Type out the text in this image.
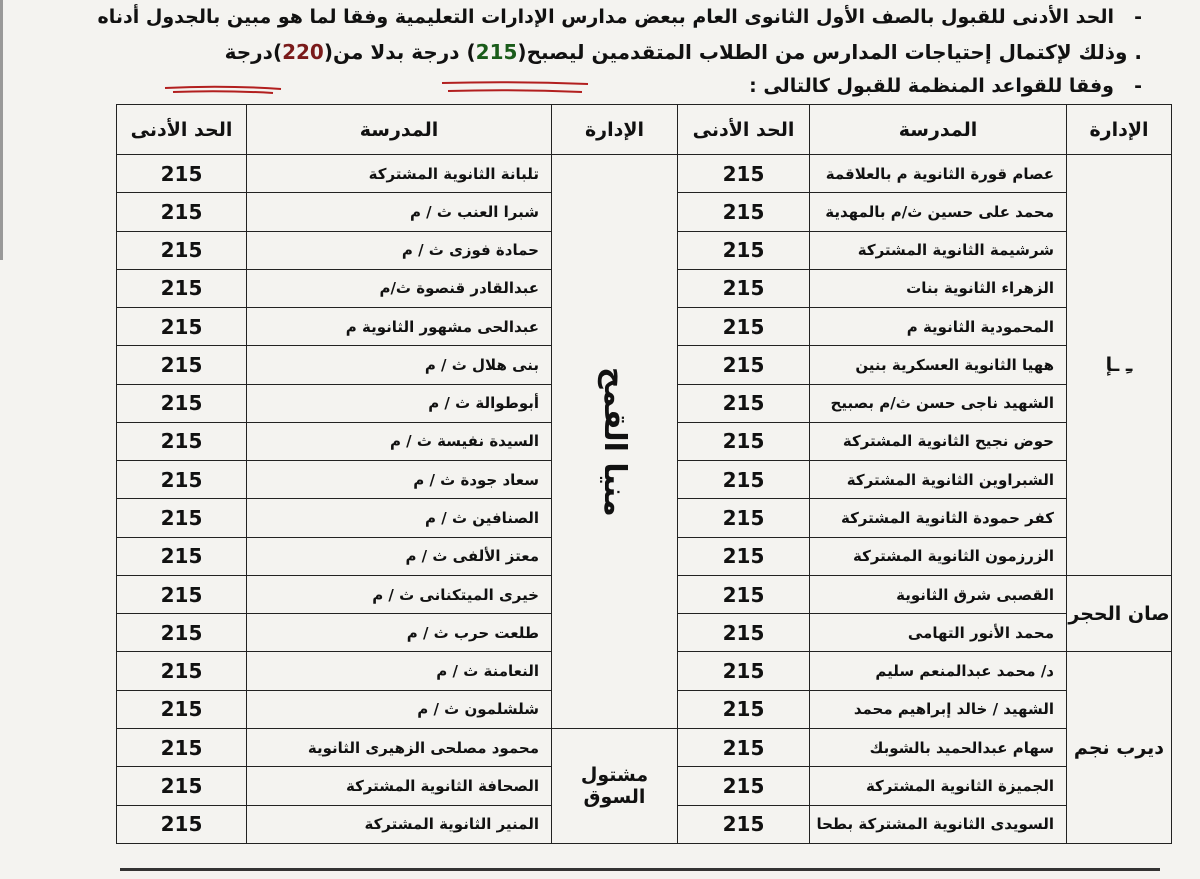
-الحد الأدنى للقبول بالصف الأول الثانوى العام ببعض مدارس الإدارات التعليمية وفقا لما هو مبين بالجدول أدناه
. وذلك لإكتمال إحتياجات المدارس من الطلاب المتقدمين ليصبح(215) درجة بدلا من(220)درجة
-وفقا للقواعد المنظمة للقبول كالتالى :
الإدارة	المدرسة	الحد الأدنى	الإدارة	المدرسة	الحد الأدنى
ـِ ـإ	عصام قورة الثانوية م بالعلاقمة	215	منيا القمح	تلبانة الثانوية المشتركة	215
	محمد على حسين ث/م بالمهدية	215		شبرا العنب ث / م	215
	شرشيمة الثانوية المشتركة	215		حمادة فوزى ث / م	215
	الزهراء الثانوية بنات	215		عبدالقادر قنصوة ث/م	215
	المحمودية الثانوية م	215		عبدالحى مشهور الثانوية م	215
	ههيا الثانوية العسكرية بنين	215		بنى هلال ث / م	215
	الشهيد ناجى حسن ث/م بصبيح	215		أبوطوالة ث / م	215
	حوض نجيح الثانوية المشتركة	215		السيدة نفيسة ث / م	215
	الشبراوين الثانوية المشتركة	215		سعاد جودة ث / م	215
	كفر حمودة الثانوية المشتركة	215		الصنافين ث / م	215
	الزرزمون الثانوية المشتركة	215		معتز الألفى ث / م	215
صان الحجر	القصبى شرق الثانوية	215		خيرى الميتكنانى ث / م	215
	محمد الأنور التهامى	215		طلعت حرب ث / م	215
ديرب نجم	د/ محمد عبدالمنعم سليم	215		النعامنة ث / م	215
	الشهيد / خالد إبراهيم محمد	215		شلشلمون ث / م	215
	سهام عبدالحميد بالشوبك	215	مشتول السوق	محمود مصلحى الزهيرى الثانوية	215
	الجميزة الثانوية المشتركة	215		الصحافة الثانوية المشتركة	215
	السويدى الثانوية المشتركة بطحا	215		المنير الثانوية المشتركة	215
